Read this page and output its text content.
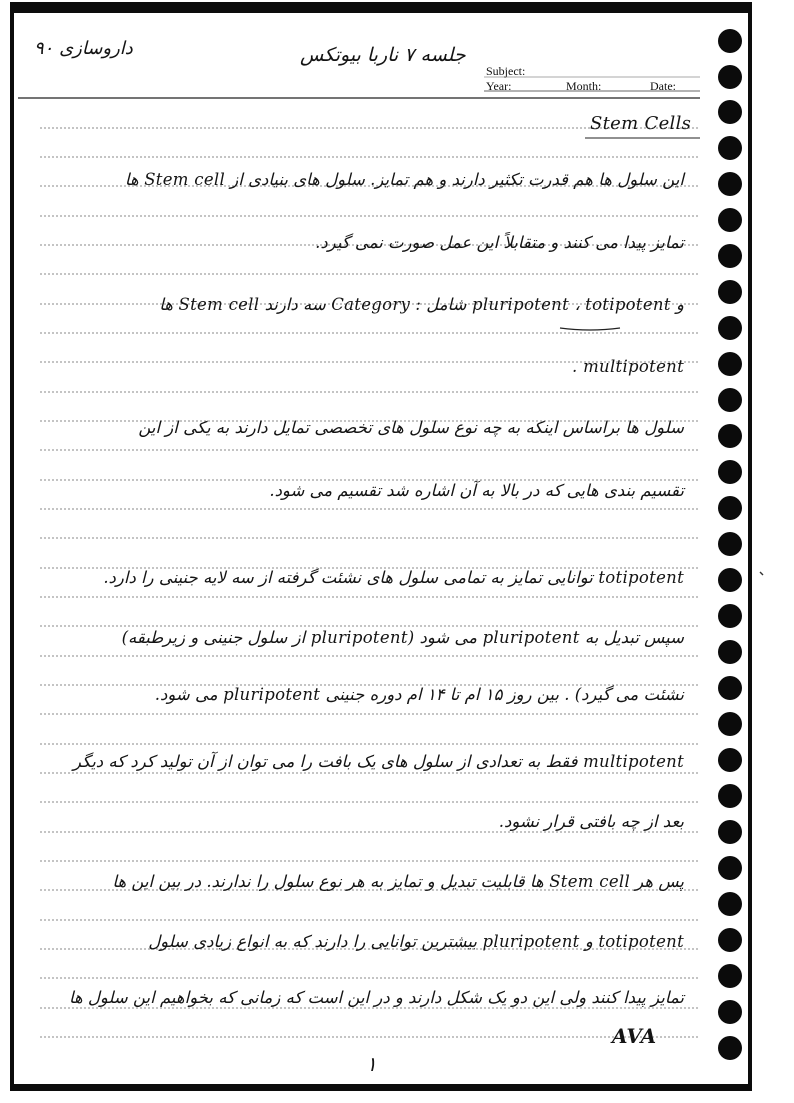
داروسازی ۹۰	جلسه ۷ ناربا بیوتکس
Subject:
Year:	Month:	Date:
Stem Cells
این سلول ها هم قدرت تکثیر دارند و هم تمایز. سلول های بنیادی از Stem cell ها
تمایز پیدا می کنند و متقابلاً این عمل صورت نمی گیرد.
و pluripotent ، totipotent شامل : Category سه دارند Stem cell ها
multipotent .
سلول ها براساس اینکه به چه نوع سلول های تخصصی تمایل دارند به یکی از این
تقسیم بندی هایی که در بالا به آن اشاره شد تقسیم می شود.
totipotent توانایی تمایز به تمامی سلول های نشئت گرفته از سه لایه جنینی را دارد.
سپس تبدیل به pluripotent می شود (pluripotent از سلول جنینی و زیرطبقه)
نشئت می گیرد) . بین روز ۱۵ ام تا ۱۴ ام دوره جنینی pluripotent می شود.
multipotent فقط به تعدادی از سلول های یک بافت را می توان از آن تولید کرد که دیگر
بعد از چه بافتی قرار نشود.
پس هر Stem cell ها قابلیت تبدیل و تمایز به هر نوع سلول را ندارند. در بین این ها
totipotent و pluripotent بیشترین توانایی را دارند که به انواع زیادی سلول
تمایز پیدا کنند ولی این دو یک شکل دارند و در این است که زمانی که بخواهیم این سلول ها
AVA
۱
